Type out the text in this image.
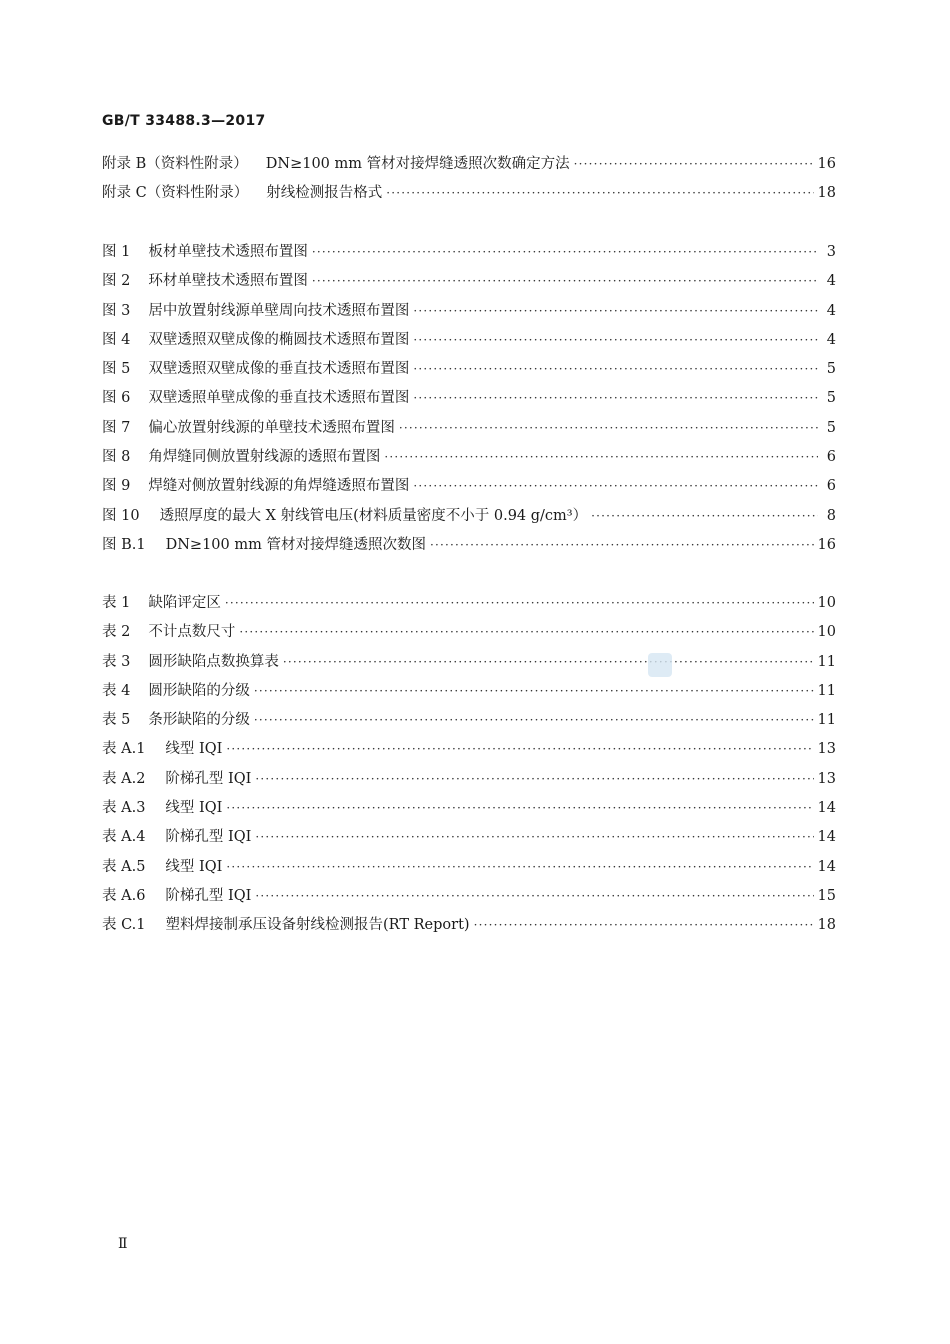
GB/T 33488.3—2017
附录 B（资料性附录） DN≥100 mm 管材对接焊缝透照次数确定方法 ·····	16
附录 C（资料性附录） 射线检测报告格式 ·····	18
图 1 板材单壁技术透照布置图 ·····	3
图 2 环材单壁技术透照布置图 ·····	4
图 3 居中放置射线源单壁周向技术透照布置图 ·····	4
图 4 双壁透照双壁成像的椭圆技术透照布置图 ·····	4
图 5 双壁透照双壁成像的垂直技术透照布置图 ·····	5
图 6 双壁透照单壁成像的垂直技术透照布置图 ·····	5
图 7 偏心放置射线源的单壁技术透照布置图 ·····	5
图 8 角焊缝同侧放置射线源的透照布置图 ·····	6
图 9 焊缝对侧放置射线源的角焊缝透照布置图 ·····	6
图 10 透照厚度的最大 X 射线管电压(材料质量密度不小于 0.94 g/cm³） ·····	8
图 B.1 DN≥100 mm 管材对接焊缝透照次数图 ·····	16
表 1 缺陷评定区 ·····	10
表 2 不计点数尺寸 ·····	10
表 3 圆形缺陷点数换算表 ·····	11
表 4 圆形缺陷的分级 ·····	11
表 5 条形缺陷的分级 ·····	11
表 A.1 线型 IQI ·····	13
表 A.2 阶梯孔型 IQI ·····	13
表 A.3 线型 IQI ·····	14
表 A.4 阶梯孔型 IQI ·····	14
表 A.5 线型 IQI ·····	14
表 A.6 阶梯孔型 IQI ·····	15
表 C.1 塑料焊接制承压设备射线检测报告(RT Report) ·····	18
Ⅱ
